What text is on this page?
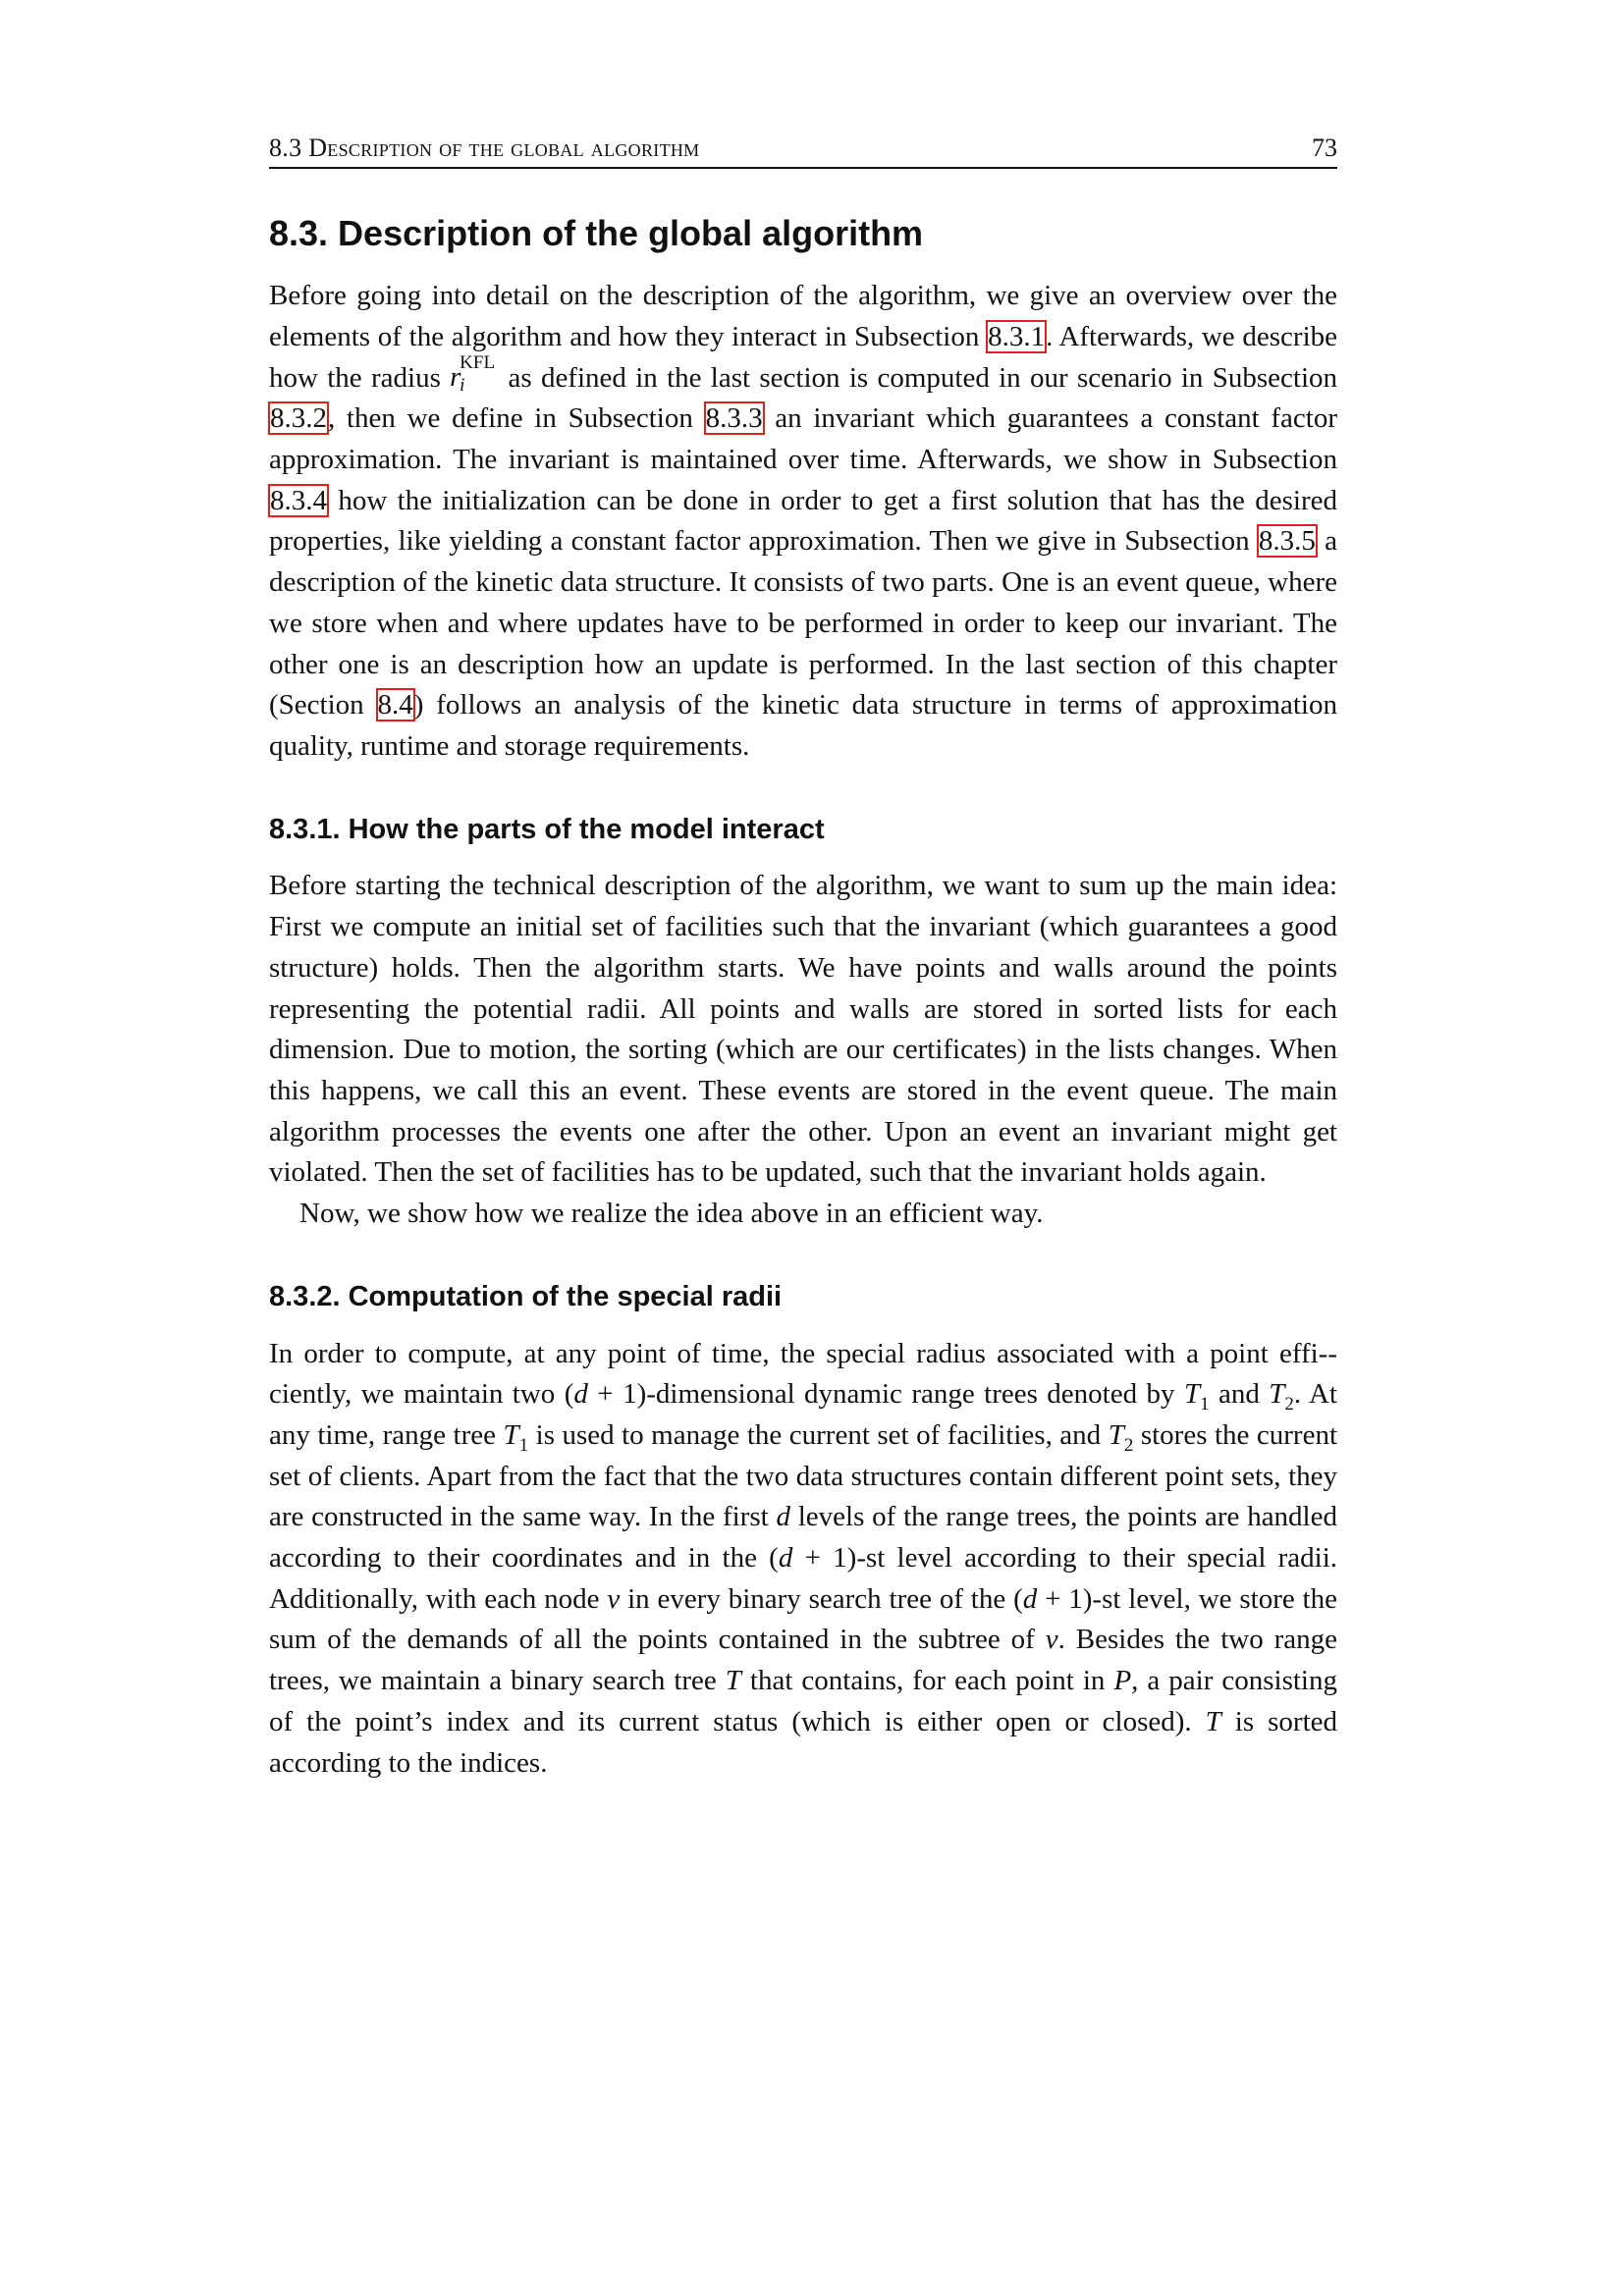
8.3 Description of the global algorithm	73
8.3. Description of the global algorithm

Before going into detail on the description of the algorithm, we give an overview over the elements of the algorithm and how they interact in Subsection 8.3.1. Afterwards, we describe how the radius r
KFL
i as defined in the last section is computed in our scenario in Subsection 8.3.2, then we define in Subsection 8.3.3 an invariant which guarantees a constant factor approximation. The invariant is maintained over time. Afterwards, we show in Subsection 8.3.4 how the initialization can be done in order to get a first solution that has the desired properties, like yielding a constant factor approximation. Then we give in Subsection 8.3.5 a description of the kinetic data structure. It consists of two parts. One is an event queue, where we store when and where updates have to be performed in order to keep our invariant. The other one is an description how an update is performed. In the last section of this chapter (Section 8.4) follows an analysis of the kinetic data structure in terms of approximation quality, runtime and storage requirements.

8.3.1. How the parts of the model interact

Before starting the technical description of the algorithm, we want to sum up the main idea: First we compute an initial set of facilities such that the invariant (which guarantees a good structure) holds. Then the algorithm starts. We have points and walls around the points representing the potential radii. All points and walls are stored in sorted lists for each dimension. Due to motion, the sorting (which are our certificates) in the lists changes. When this happens, we call this an event. These events are stored in the event queue. The main algorithm processes the events one after the other. Upon an event an invariant might get violated. Then the set of facilities has to be updated, such that the invariant holds again.

Now, we show how we realize the idea above in an efficient way.

8.3.2. Computation of the special radii

In order to compute, at any point of time, the special radius associated with a point effi-ciently, we maintain two (d + 1)-dimensional dynamic range trees denoted by $T_1$ and $T_2$. At any time, range tree $T_1$ is used to manage the current set of facilities, and $T_2$ stores the current set of clients. Apart from the fact that the two data structures contain different point sets, they are constructed in the same way. In the first d levels of the range trees, the points are handled according to their coordinates and in the (d + 1)-st level according to their special radii. Additionally, with each node v in every binary search tree of the (d + 1)-st level, we store the sum of the demands of all the points contained in the subtree of v. Besides the two range trees, we maintain a binary search tree T that contains, for each point in P, a pair consisting of the point’s index and its current status (which is either open or closed). T is sorted according to the indices.
